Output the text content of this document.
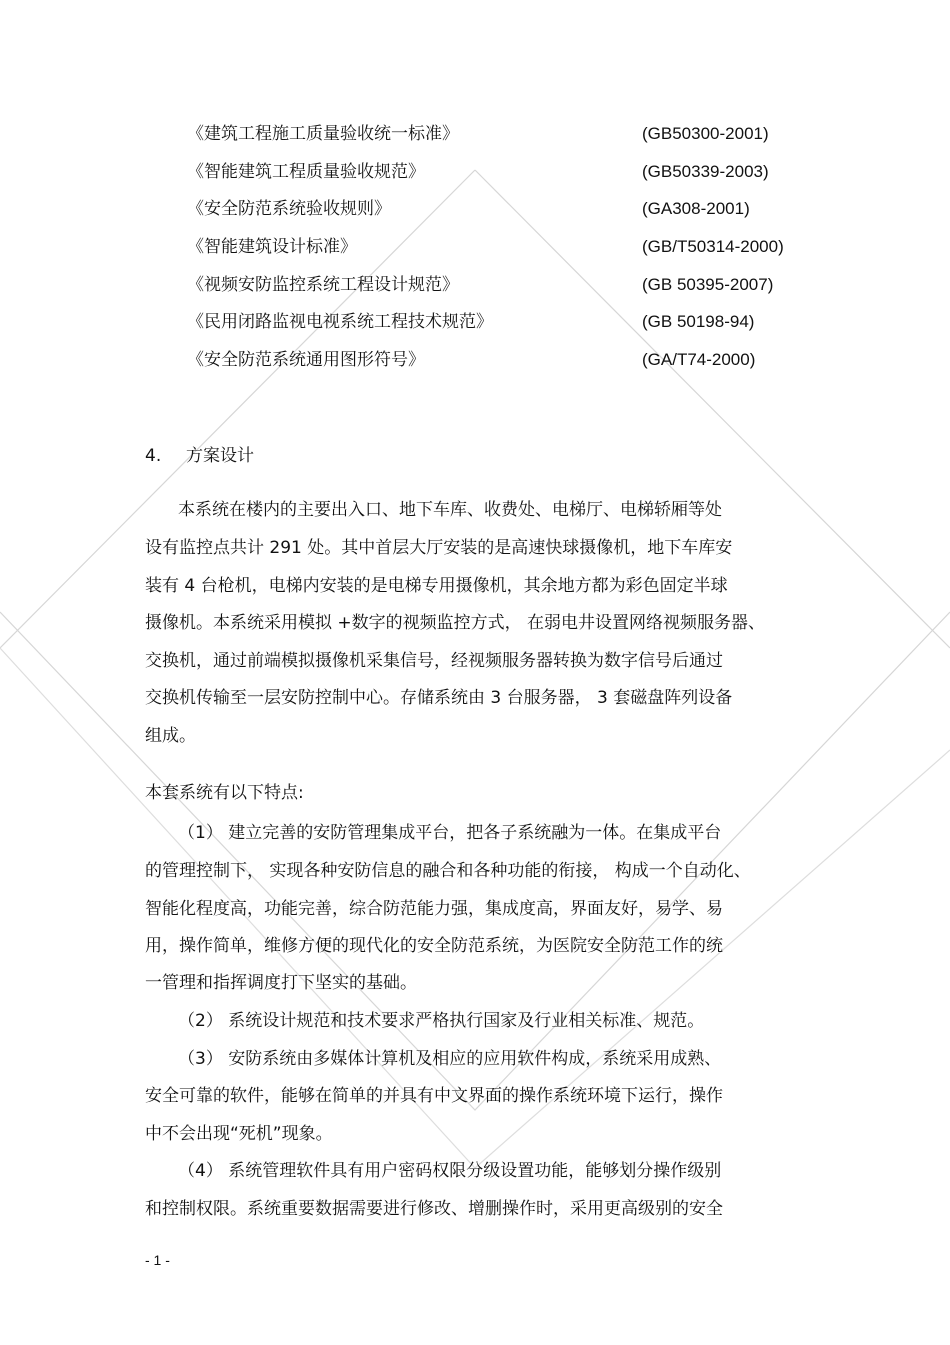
《建筑工程施工质量验收统一标准》	(GB50300-2001)
《智能建筑工程质量验收规范》	(GB50339-2003)
《安全防范系统验收规则》	(GA308-2001)
《智能建筑设计标准》	(GB/T50314-2000)
《视频安防监控系统工程设计规范》	(GB 50395-2007)
《民用闭路监视电视系统工程技术规范》	(GB 50198-94)
《安全防范系统通用图形符号》	(GA/T74-2000)
4. 方案设计
本系统在楼内的主要出入口、地下车库、收费处、电梯厅、电梯轿厢等处
设有监控点共计 291 处。其中首层大厅安装的是高速快球摄像机，地下车库安
装有 4 台枪机，电梯内安装的是电梯专用摄像机，其余地方都为彩色固定半球
摄像机。本系统采用模拟 +数字的视频监控方式， 在弱电井设置网络视频服务器、
交换机，通过前端模拟摄像机采集信号，经视频服务器转换为数字信号后通过
交换机传输至一层安防控制中心。存储系统由 3 台服务器， 3 套磁盘阵列设备
组成。
本套系统有以下特点:
（1） 建立完善的安防管理集成平台，把各子系统融为一体。在集成平台
的管理控制下， 实现各种安防信息的融合和各种功能的衔接， 构成一个自动化、
智能化程度高，功能完善，综合防范能力强，集成度高，界面友好，易学、易
用，操作简单，维修方便的现代化的安全防范系统，为医院安全防范工作的统
一管理和指挥调度打下坚实的基础。
（2） 系统设计规范和技术要求严格执行国家及行业相关标准、规范。
（3） 安防系统由多媒体计算机及相应的应用软件构成，系统采用成熟、
安全可靠的软件，能够在简单的并具有中文界面的操作系统环境下运行，操作
中不会出现“死机”现象。
（4） 系统管理软件具有用户密码权限分级设置功能，能够划分操作级别
和控制权限。系统重要数据需要进行修改、增删操作时，采用更高级别的安全
- 1 -
